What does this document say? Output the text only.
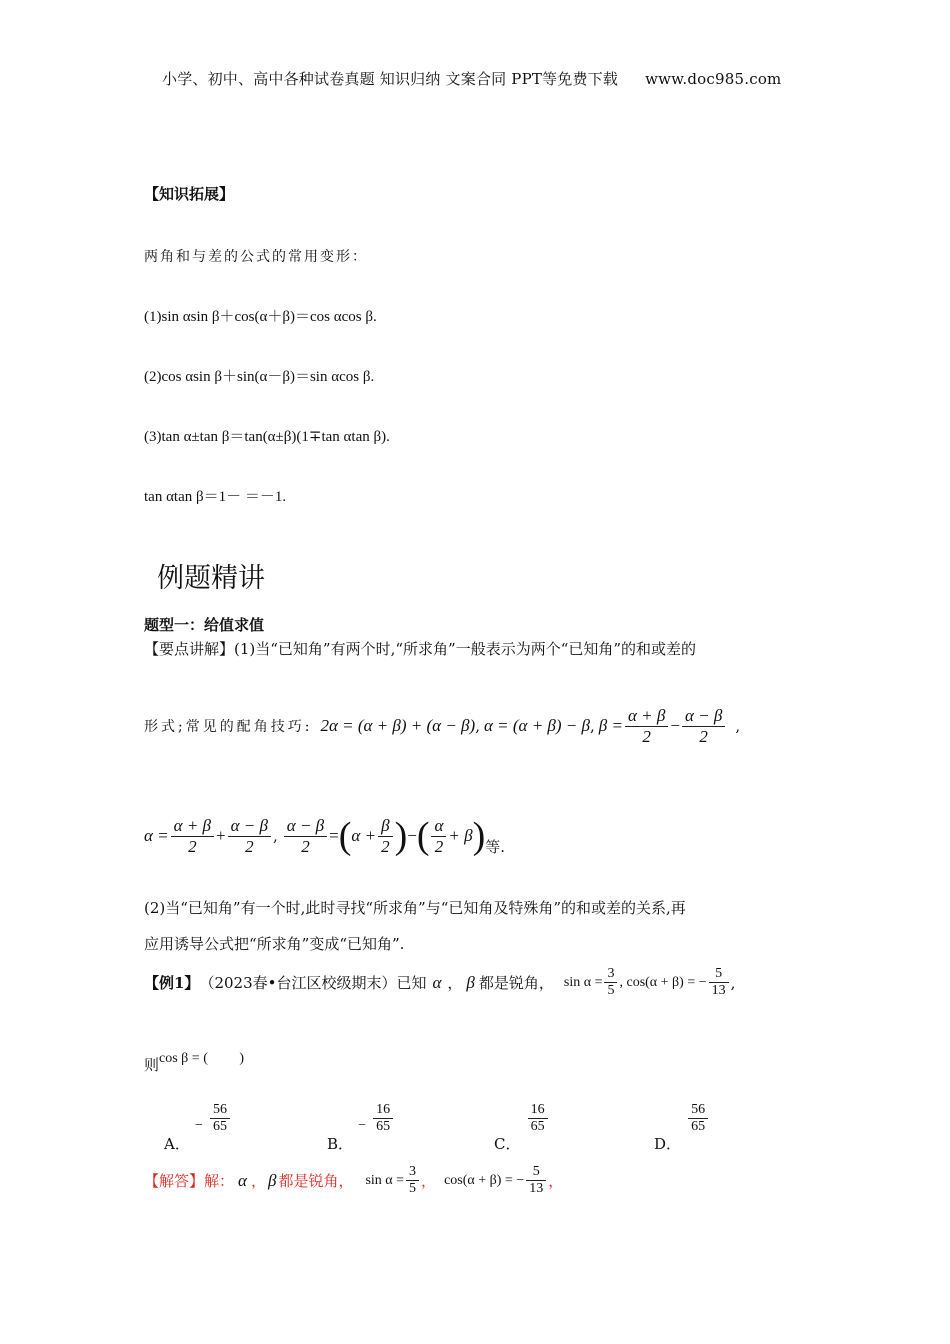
小学、初中、高中各种试卷真题 知识归纳 文案合同 PPT等免费下载 www.doc985.com
【知识拓展】
两角和与差的公式的常用变形：
(1)sin αsin β＋cos(α＋β)＝cos αcos β.
(2)cos αsin β＋sin(α－β)＝sin αcos β.
(3)tan α±tan β＝tan(α±β)(1∓tan αtan β).
tan αtan β＝1－ ＝－1.
例题精讲
题型一：给值求值
【要点讲解】(1)当“已知角”有两个时,“所求角”一般表示为两个“已知角”的和或差的
形式;常见的配角技巧: 2α = (α + β) + (α − β) , α = (α + β) − β , $\beta = \frac{\alpha + \beta}{2} - \frac{\alpha - \beta}{2}$ ,
$\alpha = \frac{\alpha + \beta}{2} + \frac{\alpha - \beta}{2}$ , $\frac{\alpha - \beta}{2}$ = ( $\alpha + \frac{\beta}{2}$ ) − ( $\frac{\alpha}{2} + \beta$ ) 等.
(2)当“已知角”有一个时,此时寻找“所求角”与“已知角及特殊角”的和或差的关系,再
应用诱导公式把“所求角”变成“已知角”.
【例1】 （2023春•台江区校级期末）已知 α ， β 都是锐角， $\sin \alpha = \frac{3}{5}$ , cos(α + β) = − $\frac{5}{13}$ ,
则 cos β = (         )
A． − $\frac{56}{65}$
B． − $\frac{16}{65}$
C．
$\frac{16}{65}$
D．
$\frac{56}{65}$
【解答】 解： α ， β 都是锐角， $\sin \alpha = \frac{3}{5}$ ， cos(α + β) = − $\frac{5}{13}$ ，
